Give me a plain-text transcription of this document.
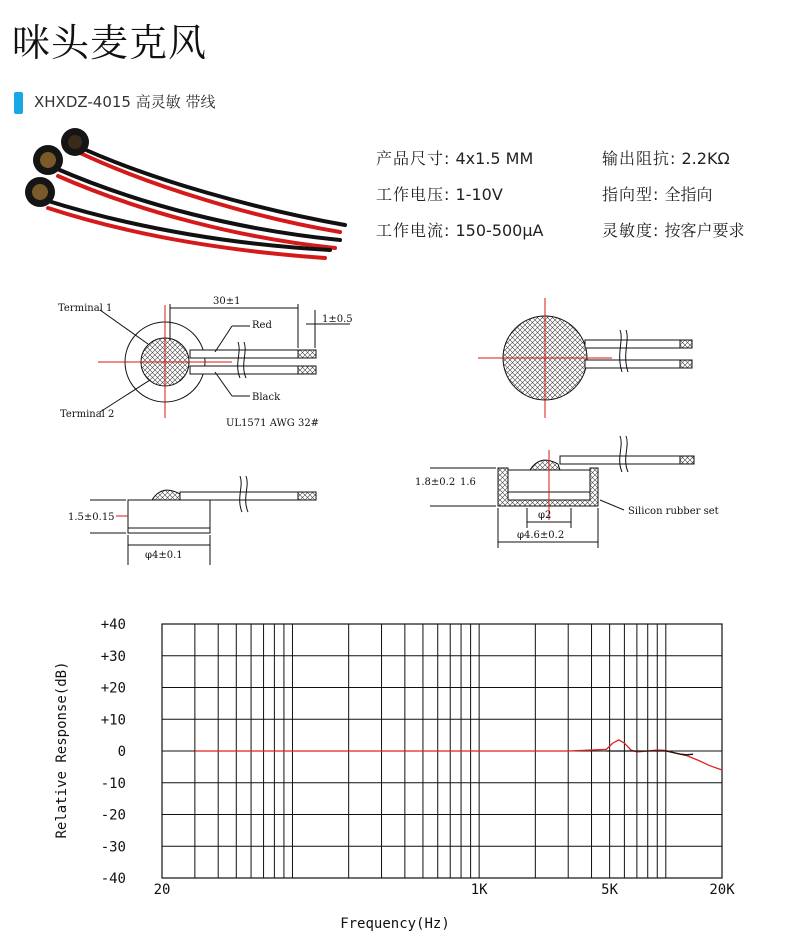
咪头麦克风
XHXDZ-4015 高灵敏 带线
产品尺寸: 4x1.5 MM	输出阻抗: 2.2KΩ
工作电压: 1-10V	指向型: 全指向
工作电流: 150-500μA	灵敏度: 按客户要求
Terminal 1
Terminal 2
Red
Black
UL1571 AWG 32#
30±1
1±0.5
1.5±0.15
φ4±0.1
1.8±0.2 1.6
φ2
φ4.6±0.2
Silicon rubber set
+40
+30
+20
+10
0
-10
-20
-30
-40
20	1K	5K	20K
Frequency(Hz)
Relative Response(dB)
